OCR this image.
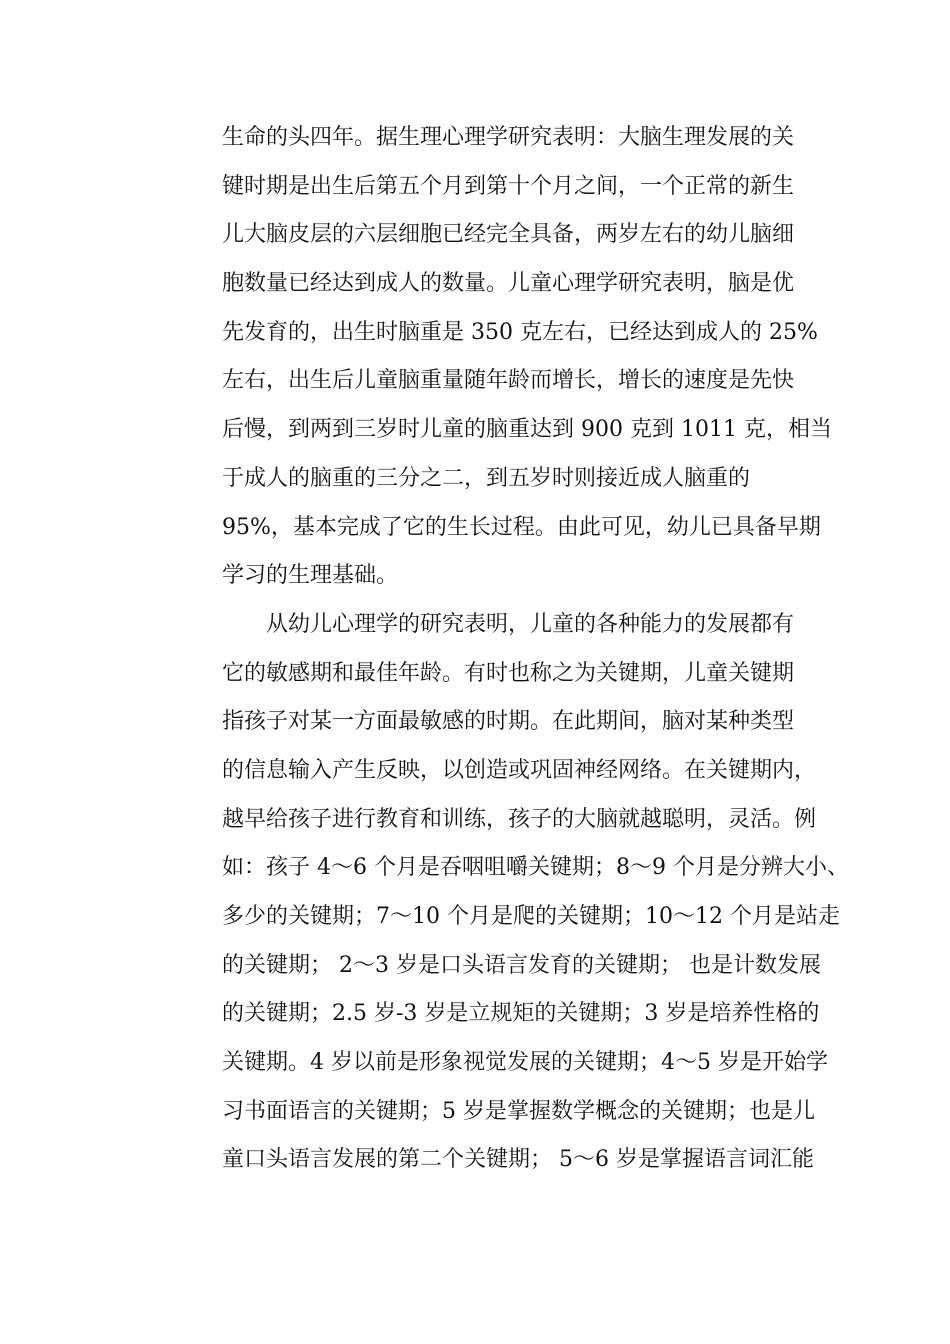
生命的头四年。据生理心理学研究表明：大脑生理发展的关
键时期是出生后第五个月到第十个月之间，一个正常的新生
儿大脑皮层的六层细胞已经完全具备，两岁左右的幼儿脑细
胞数量已经达到成人的数量。儿童心理学研究表明，脑是优
先发育的，出生时脑重是 350 克左右，已经达到成人的 25%
左右，出生后儿童脑重量随年龄而增长，增长的速度是先快
后慢，到两到三岁时儿童的脑重达到 900 克到 1011 克，相当
于成人的脑重的三分之二，到五岁时则接近成人脑重的
95%，基本完成了它的生长过程。由此可见，幼儿已具备早期
学习的生理基础。
从幼儿心理学的研究表明，儿童的各种能力的发展都有
它的敏感期和最佳年龄。有时也称之为关键期，儿童关键期
指孩子对某一方面最敏感的时期。在此期间，脑对某种类型
的信息输入产生反映，以创造或巩固神经网络。在关键期内，
越早给孩子进行教育和训练，孩子的大脑就越聪明，灵活。例
如：孩子 4～6 个月是吞咽咀嚼关键期；8～9 个月是分辨大小、
多少的关键期；7～10 个月是爬的关键期；10～12 个月是站走
的关键期； 2～3 岁是口头语言发育的关键期； 也是计数发展
的关键期；2.5 岁-3 岁是立规矩的关键期；3 岁是培养性格的
关键期。4 岁以前是形象视觉发展的关键期；4～5 岁是开始学
习书面语言的关键期；5 岁是掌握数学概念的关键期；也是儿
童口头语言发展的第二个关键期； 5～6 岁是掌握语言词汇能
